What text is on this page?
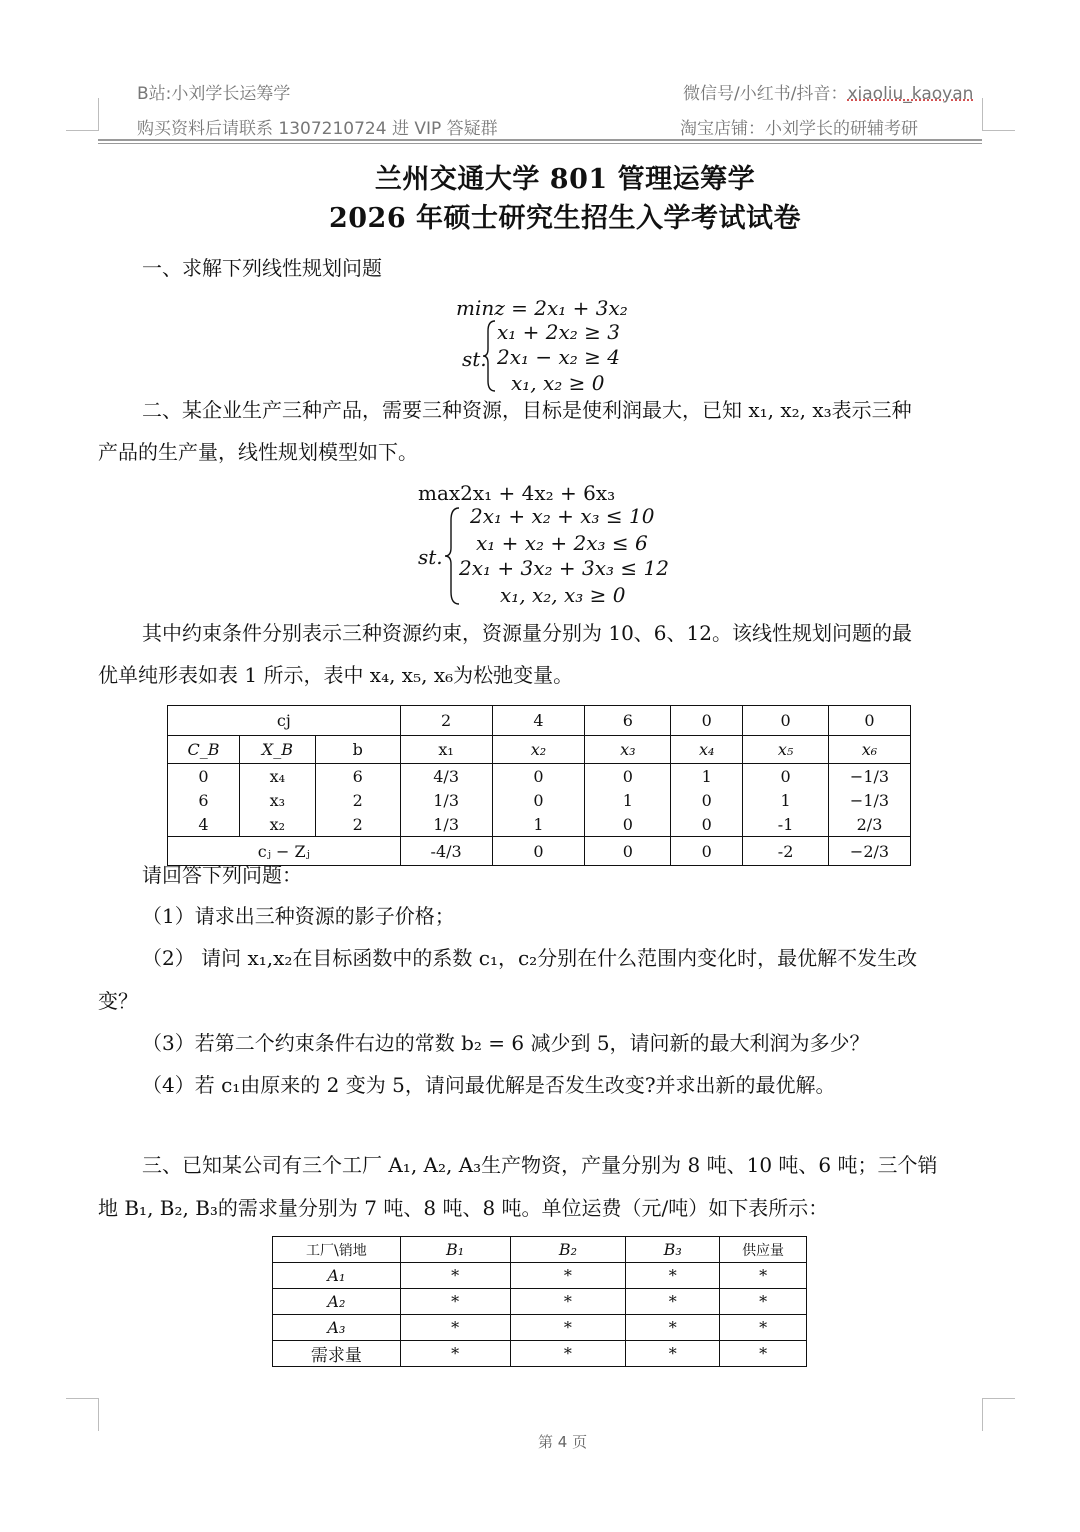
B站:小刘学长运筹学
购买资料后请联系 1307210724 进 VIP 答疑群
微信号/小红书/抖音：xiaoliu_kaoyan
淘宝店铺：小刘学长的研辅考研
兰州交通大学 801 管理运筹学
2026 年硕士研究生招生入学考试试卷
一、求解下列线性规划问题
minz = 2x₁ + 3x₂
st.
x₁ + 2x₂ ≥ 3
2x₁ − x₂ ≥ 4
x₁, x₂ ≥ 0
二、某企业生产三种产品，需要三种资源，目标是使利润最大，已知 x₁, x₂, x₃表示三种
产品的生产量，线性规划模型如下。
max2x₁ + 4x₂ + 6x₃
st.
2x₁ + x₂ + x₃ ≤ 10
x₁ + x₂ + 2x₃ ≤ 6
2x₁ + 3x₂ + 3x₃ ≤ 12
x₁, x₂, x₃ ≥ 0
其中约束条件分别表示三种资源约束，资源量分别为 10、6、12。该线性规划问题的最
优单纯形表如表 1 所示，表中 x₄, x₅, x₆为松弛变量。
cj			2	4	6	0	0	0
C_B	X_B	b	x₁	x₂	x₃	x₄	x₅	x₆
0	x₄	6	4/3	0	0	1	0	−1/3
6	x₃	2	1/3	0	1	0	1	−1/3
4	x₂	2	1/3	1	0	0	-1	2/3
cⱼ − Zⱼ			-4/3	0	0	0	-2	−2/3
请回答下列问题：
（1）请求出三种资源的影子价格；
（2） 请问 x₁,x₂在目标函数中的系数 c₁，c₂分别在什么范围内变化时，最优解不发生改
变？
（3）若第二个约束条件右边的常数 b₂ = 6 减少到 5，请问新的最大利润为多少？
（4）若 c₁由原来的 2 变为 5，请问最优解是否发生改变?并求出新的最优解。
三、已知某公司有三个工厂 A₁, A₂, A₃生产物资，产量分别为 8 吨、10 吨、6 吨；三个销
地 B₁, B₂, B₃的需求量分别为 7 吨、8 吨、8 吨。单位运费（元/吨）如下表所示：
工厂\销地	B₁	B₂	B₃	供应量
A₁	*	*	*	*
A₂	*	*	*	*
A₃	*	*	*	*
需求量	*	*	*	*
第 4 页
